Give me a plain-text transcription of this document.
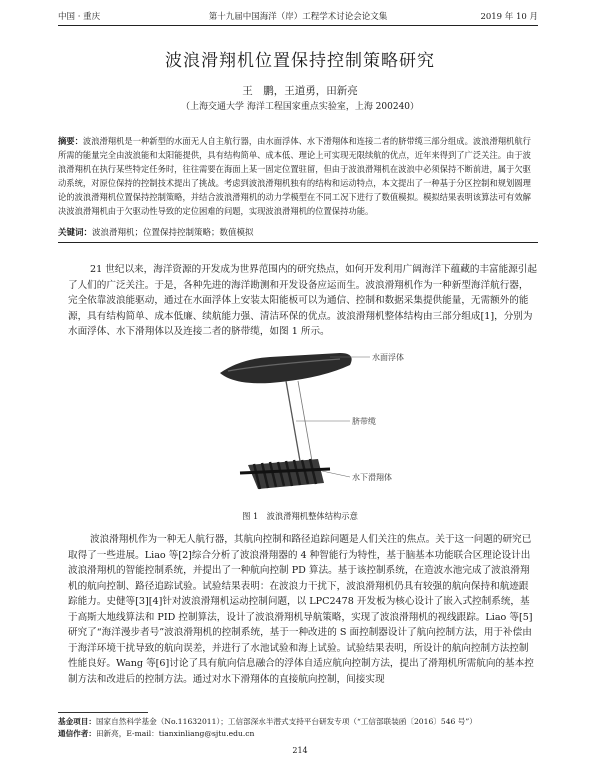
中国 · 重庆	第十九届中国海洋（岸）工程学术讨论会论文集	2019 年 10 月
波浪滑翔机位置保持控制策略研究
王　鹏，王道勇，田新亮
（上海交通大学 海洋工程国家重点实验室，上海 200240）
摘要：波浪滑翔机是一种新型的水面无人自主航行器，由水面浮体、水下滑翔体和连接二者的脐带缆三部分组成。波浪滑翔机航行所需的能量完全由波浪能和太阳能提供，具有结构简单、成本低、理论上可实现无限续航的优点，近年来得到了广泛关注。由于波浪滑翔机在执行某些特定任务时，往往需要在海面上某一固定位置驻留，但由于波浪滑翔机在波浪中必须保持不断前进，属于欠驱动系统，对原位保持的控制技术提出了挑战。考虑到波浪滑翔机独有的结构和运动特点，本文提出了一种基于分区控制和规划圆理论的波浪滑翔机位置保持控制策略，并结合波浪滑翔机的动力学模型在不同工况下进行了数值模拟。模拟结果表明该算法可有效解决波浪滑翔机由于欠驱动性导致的定位困难的问题，实现波浪滑翔机的位置保持功能。
关键词：波浪滑翔机；位置保持控制策略；数值模拟
21 世纪以来，海洋资源的开发成为世界范围内的研究热点，如何开发利用广阔海洋下蕴藏的丰富能源引起了人们的广泛关注。于是，各种先进的海洋勘测和开发设备应运而生。波浪滑翔机作为一种新型海洋航行器，完全依靠波浪能驱动，通过在水面浮体上安装太阳能板可以为通信、控制和数据采集提供能量，无需额外的能源，具有结构简单、成本低廉、续航能力强、清洁环保的优点。波浪滑翔机整体结构由三部分组成[1]，分别为水面浮体、水下滑翔体以及连接二者的脐带缆，如图 1 所示。
水面浮体
脐带缆
水下滑翔体
图 1　波浪滑翔机整体结构示意
波浪滑翔机作为一种无人航行器，其航向控制和路径追踪问题是人们关注的焦点。关于这一问题的研究已取得了一些进展。Liao 等[2]综合分析了波浪滑翔器的 4 种智能行为特性，基于脑基本功能联合区理论设计出波浪滑翔机的智能控制系统，并提出了一种航向控制 PD 算法。基于该控制系统，在造波水池完成了波浪滑翔机的航向控制、路径追踪试验。试验结果表明：在波浪力干扰下，波浪滑翔机仍具有较强的航向保持和航迹跟踪能力。史健等[3][4]针对波浪滑翔机运动控制问题，以 LPC2478 开发板为核心设计了嵌入式控制系统，基于高斯大地线算法和 PID 控制算法，设计了波浪滑翔机导航策略，实现了波浪滑翔机的视线跟踪。Liao 等[5]研究了“海洋漫步者号”波浪滑翔机的控制系统，基于一种改进的 S 面控制器设计了航向控制方法，用于补偿由于海洋环境干扰导致的航向误差，并进行了水池试验和海上试验。试验结果表明，所设计的航向控制方法控制性能良好。Wang 等[6]讨论了具有航向信息融合的浮体自适应航向控制方法，提出了滑翔机所需航向的基本控制方法和改进后的控制方法。通过对水下滑翔体的直接航向控制，间接实现
基金项目：国家自然科学基金（No.11632011）；工信部深水半潜式支持平台研发专项（“工信部联装函〔2016〕546 号”）
通信作者：田新亮，E-mail：tianxinliang@sjtu.edu.cn
214
